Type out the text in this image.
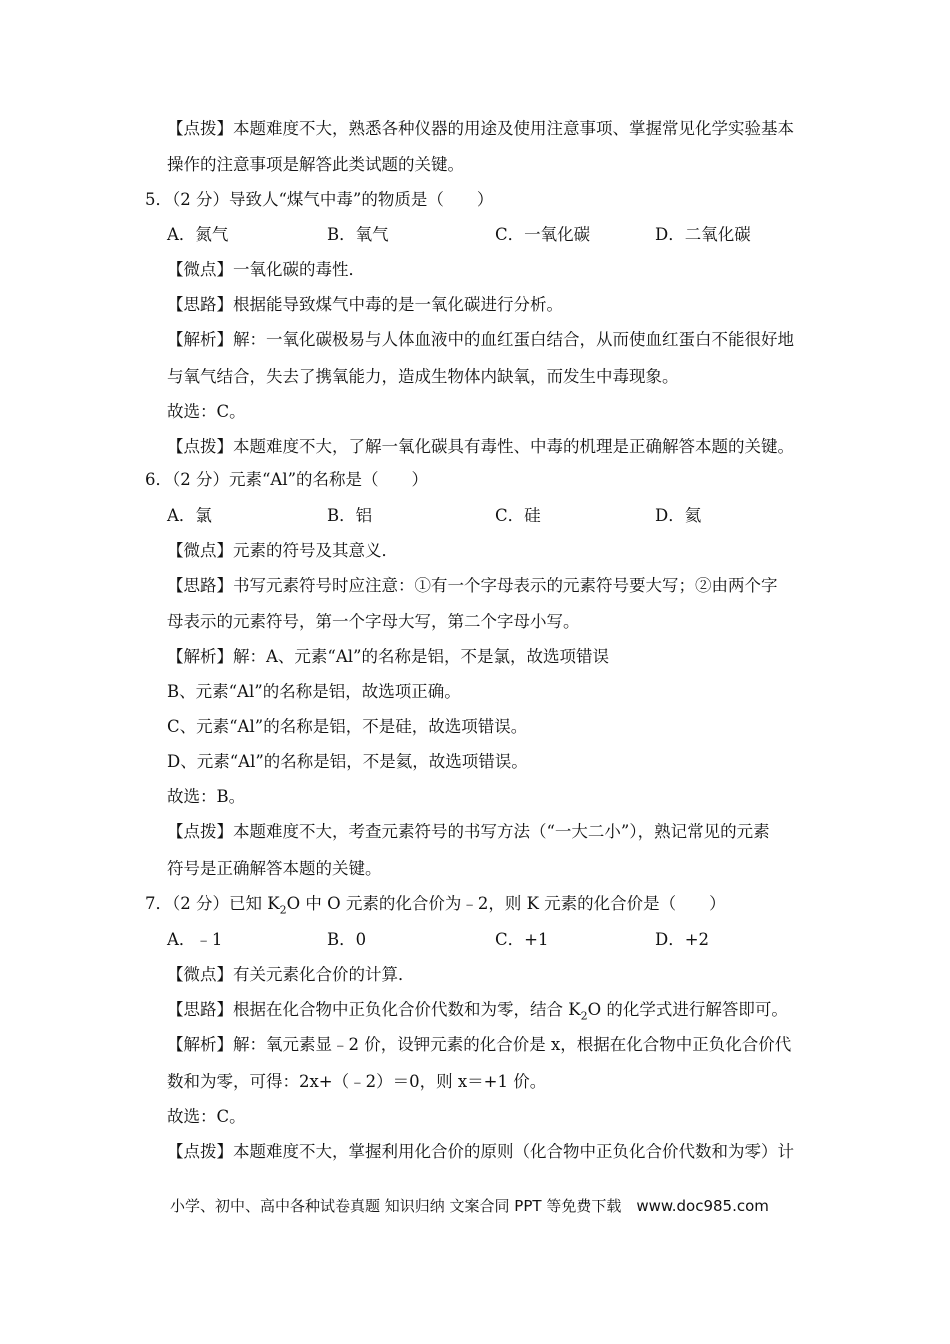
【点拨】本题难度不大，熟悉各种仪器的用途及使用注意事项、掌握常见化学实验基本
操作的注意事项是解答此类试题的关键。
5．（2 分）导致人“煤气中毒”的物质是（　　）
A．氮气	B．氧气	C．一氧化碳	D．二氧化碳
【微点】一氧化碳的毒性．
【思路】根据能导致煤气中毒的是一氧化碳进行分析。
【解析】解：一氧化碳极易与人体血液中的血红蛋白结合，从而使血红蛋白不能很好地
与氧气结合，失去了携氧能力，造成生物体内缺氧，而发生中毒现象。
故选：C。
【点拨】本题难度不大，了解一氧化碳具有毒性、中毒的机理是正确解答本题的关键。
6．（2 分）元素“Al”的名称是（　　）
A．氯	B．铝	C．硅	D．氦
【微点】元素的符号及其意义．
【思路】书写元素符号时应注意：①有一个字母表示的元素符号要大写；②由两个字
母表示的元素符号，第一个字母大写，第二个字母小写。
【解析】解：A、元素“Al”的名称是铝，不是氯，故选项错误
B、元素“Al”的名称是铝，故选项正确。
C、元素“Al”的名称是铝，不是硅，故选项错误。
D、元素“Al”的名称是铝，不是氦，故选项错误。
故选：B。
【点拨】本题难度不大，考查元素符号的书写方法（“一大二小”），熟记常见的元素
符号是正确解答本题的关键。
7．（2 分）已知 $K_2O$ 中 O 元素的化合价为﹣2，则 K 元素的化合价是（　　）
A．﹣1	B．0	C．+1	D．+2
【微点】有关元素化合价的计算．
【思路】根据在化合物中正负化合价代数和为零，结合 $K_2O$ 的化学式进行解答即可。
【解析】解：氧元素显﹣2 价，设钾元素的化合价是 x，根据在化合物中正负化合价代
数和为零，可得：2x+（﹣2）＝0，则 x＝+1 价。
故选：C。
【点拨】本题难度不大，掌握利用化合价的原则（化合物中正负化合价代数和为零）计
小学、初中、高中各种试卷真题 知识归纳 文案合同 PPT 等免费下载　www.doc985.com
